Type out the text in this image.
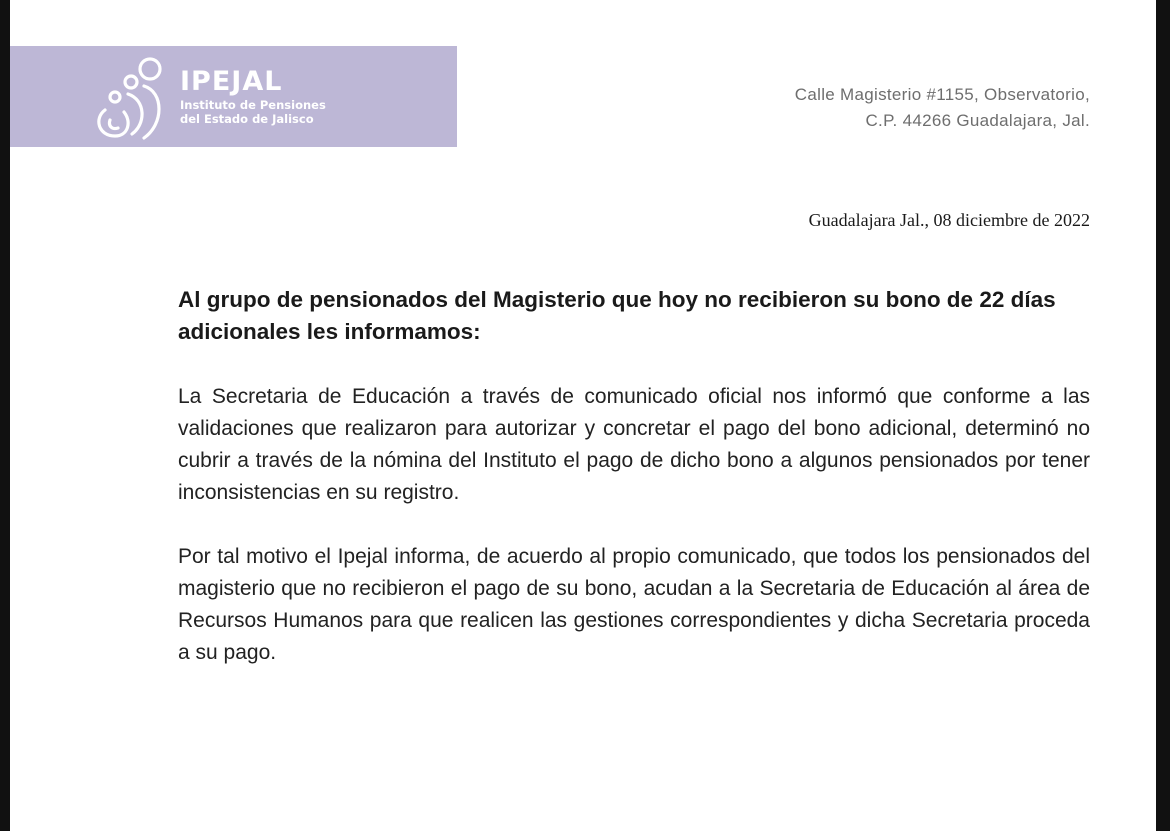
IPEJAL
Instituto de Pensiones
del Estado de Jalisco
Calle Magisterio #1155, Observatorio,
C.P. 44266 Guadalajara, Jal.
Guadalajara Jal., 08 diciembre de 2022

Al grupo de pensionados del Magisterio que hoy no recibieron su bono de 22 días adicionales les informamos:

La Secretaria de Educación a través de comunicado oficial nos informó que conforme a las validaciones que realizaron para autorizar y concretar el pago del bono adicional, determinó no cubrir a través de la nómina del Instituto el pago de dicho bono a algunos pensionados por tener inconsistencias en su registro.

Por tal motivo el Ipejal informa, de acuerdo al propio comunicado, que todos los pensionados del magisterio que no recibieron el pago de su bono, acudan a la Secretaria de Educación al área de Recursos Humanos para que realicen las gestiones correspondientes y dicha Secretaria proceda a su pago.
